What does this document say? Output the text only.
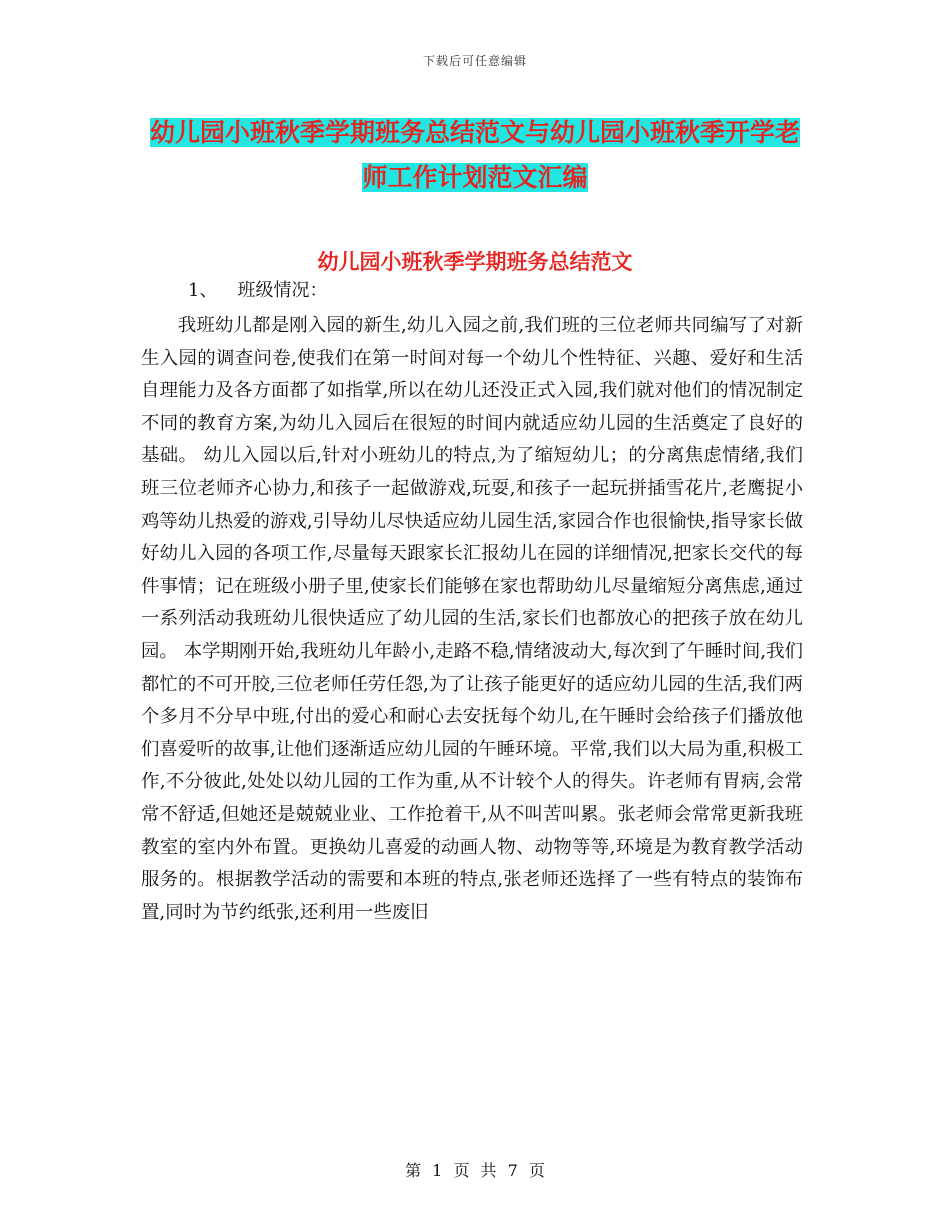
下载后可任意编辑
幼儿园小班秋季学期班务总结范文与幼儿园小班秋季开学老师工作计划范文汇编
幼儿园小班秋季学期班务总结范文
1、 班级情况：

我班幼儿都是刚入园的新生,幼儿入园之前,我们班的三位老师共同编写了对新生入园的调查问卷,使我们在第一时间对每一个幼儿个性特征、兴趣、爱好和生活自理能力及各方面都了如指掌,所以在幼儿还没正式入园,我们就对他们的情况制定不同的教育方案,为幼儿入园后在很短的时间内就适应幼儿园的生活奠定了良好的基础。 幼儿入园以后,针对小班幼儿的特点,为了缩短幼儿；的分离焦虑情绪,我们班三位老师齐心协力,和孩子一起做游戏,玩耍,和孩子一起玩拼插雪花片,老鹰捉小鸡等幼儿热爱的游戏,引导幼儿尽快适应幼儿园生活,家园合作也很愉快,指导家长做好幼儿入园的各项工作,尽量每天跟家长汇报幼儿在园的详细情况,把家长交代的每件事情；记在班级小册子里,使家长们能够在家也帮助幼儿尽量缩短分离焦虑,通过一系列活动我班幼儿很快适应了幼儿园的生活,家长们也都放心的把孩子放在幼儿园。 本学期刚开始,我班幼儿年龄小,走路不稳,情绪波动大,每次到了午睡时间,我们都忙的不可开胶,三位老师任劳任怨,为了让孩子能更好的适应幼儿园的生活,我们两个多月不分早中班,付出的爱心和耐心去安抚每个幼儿,在午睡时会给孩子们播放他们喜爱听的故事,让他们逐渐适应幼儿园的午睡环境。平常,我们以大局为重,积极工作,不分彼此,处处以幼儿园的工作为重,从不计较个人的得失。许老师有胃病,会常常不舒适,但她还是兢兢业业、工作抢着干,从不叫苦叫累。张老师会常常更新我班教室的室内外布置。更换幼儿喜爱的动画人物、动物等等,环境是为教育教学活动服务的。根据教学活动的需要和本班的特点,张老师还选择了一些有特点的装饰布置,同时为节约纸张,还利用一些废旧

第 1 页 共 7 页
